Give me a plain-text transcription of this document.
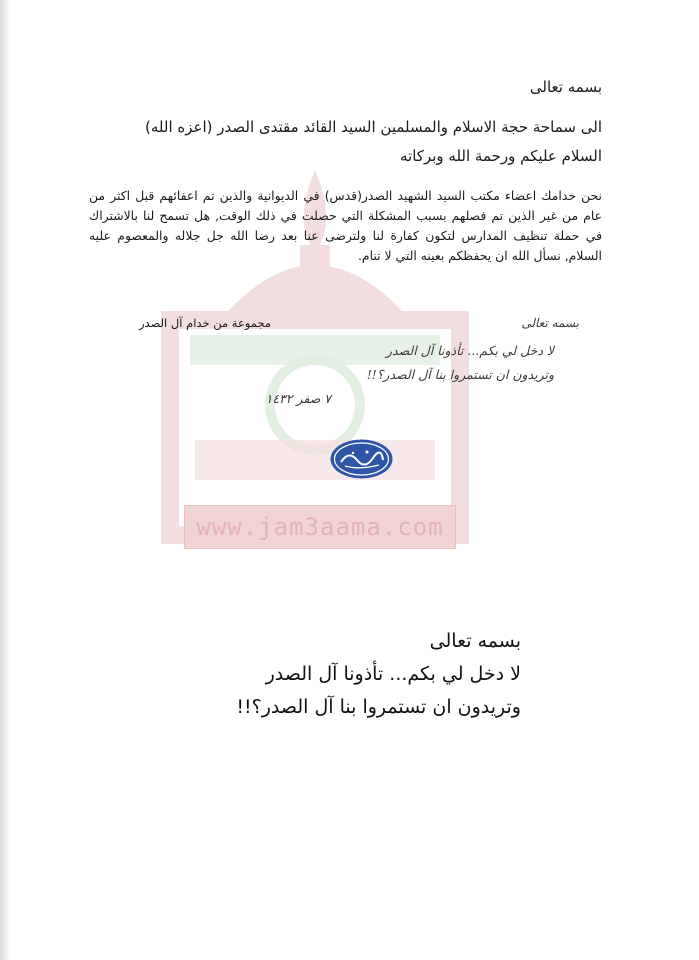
www.jam3aama.com
بسمه تعالى
الى سماحة حجة الاسلام والمسلمين السيد القائد مقتدى الصدر (اعزه الله)
السلام عليكم ورحمة الله وبركاته
نحن خدامك اعضاء مكتب السيد الشهيد الصدر(قدس) في الديوانية والذين تم اعفائهم قبل اكثر من عام من غير الذين تم فصلهم بسبب المشكلة التي حصلت في ذلك الوقت, هل تسمح لنا بالاشتراك في حملة تنظيف المدارس لتكون كفارة لنا ولترضى عنا بعد رضا الله جل جلاله والمعصوم عليه السلام, نسأل الله ان يحفظكم بعينه التي لا تنام.
مجموعة من خدام آل الصدر	بسمه تعالى
لا دخل لي بكم... تأذونا آل الصدر
وتريدون ان تستمروا بنا آل الصدر؟!!
٧ صفر ١٤٣٢
بسمه تعالى
لا دخل لي بكم... تأذونا آل الصدر
وتريدون ان تستمروا بنا آل الصدر؟!!
